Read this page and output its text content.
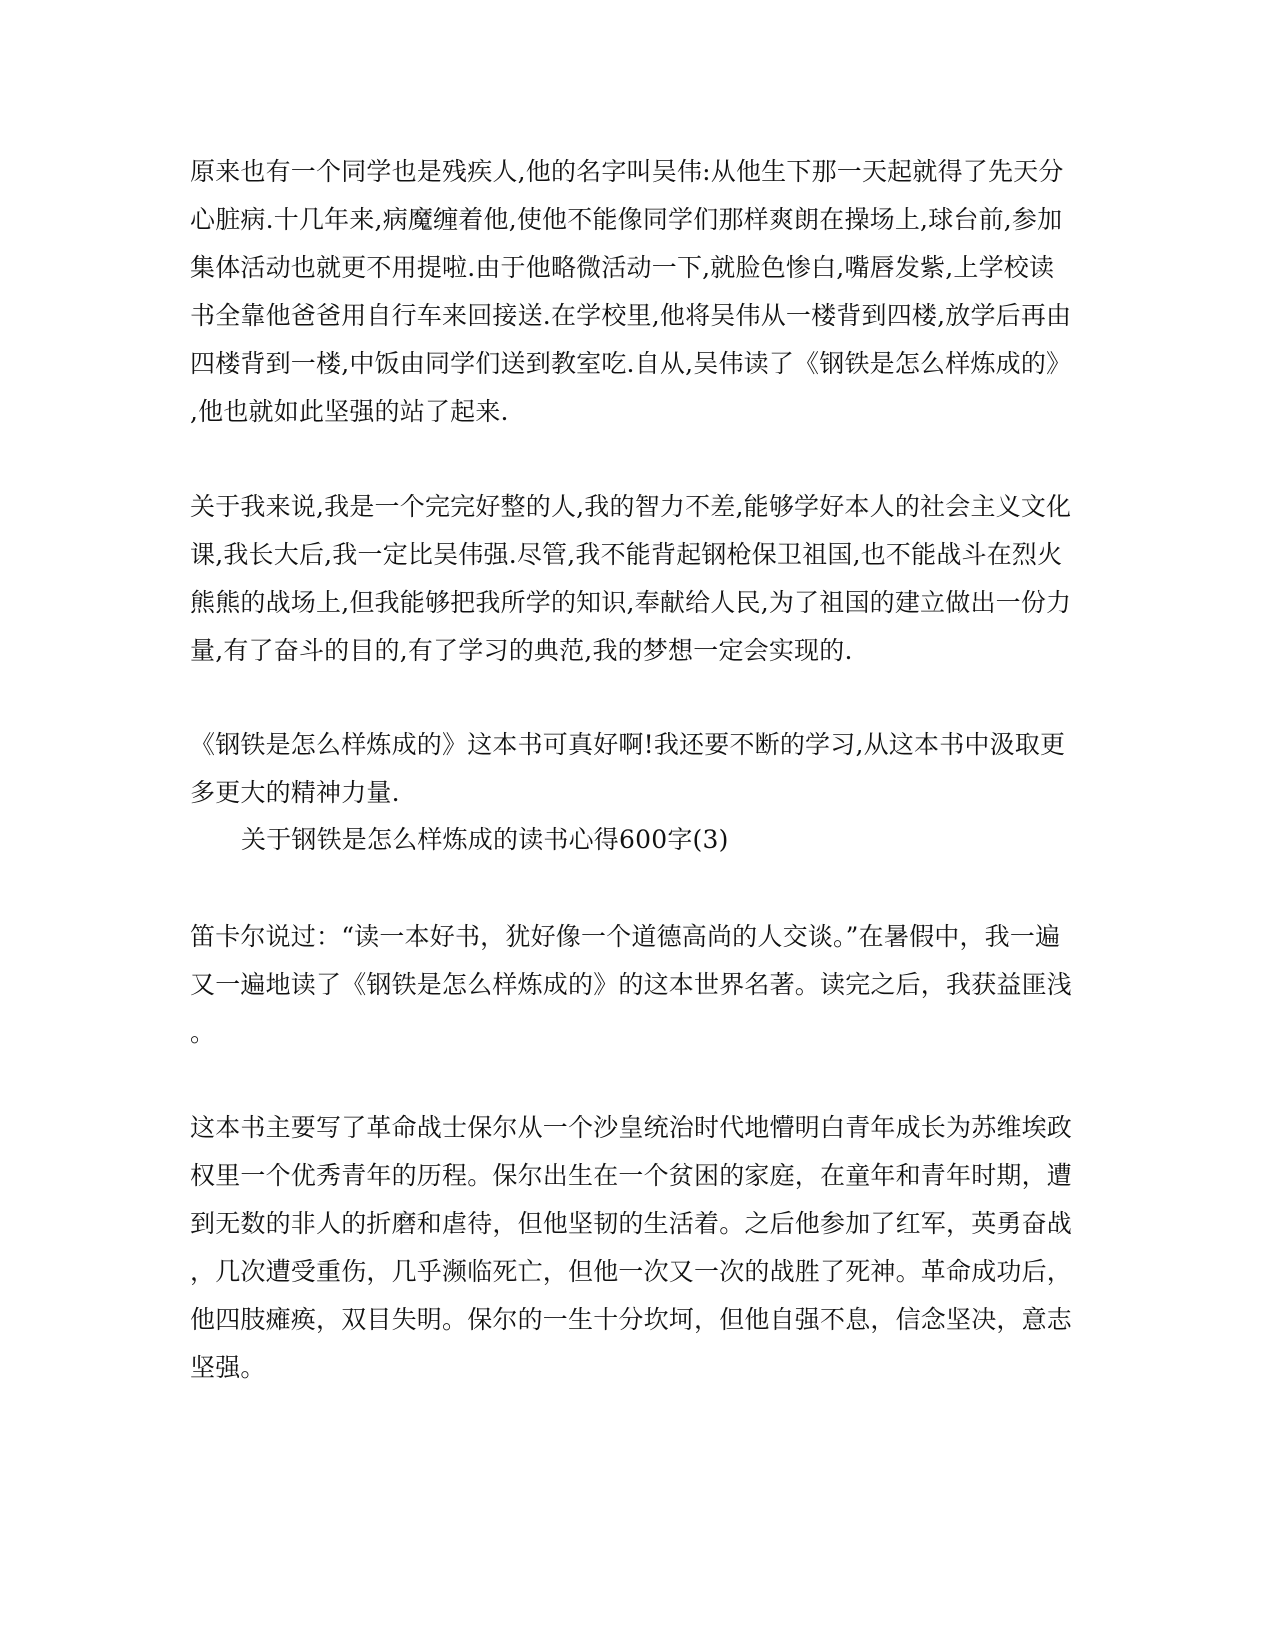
原来也有一个同学也是残疾人,他的名字叫吴伟:从他生下那一天起就得了先天分
心脏病.十几年来,病魔缠着他,使他不能像同学们那样爽朗在操场上,球台前,参加
集体活动也就更不用提啦.由于他略微活动一下,就脸色惨白,嘴唇发紫,上学校读
书全靠他爸爸用自行车来回接送.在学校里,他将吴伟从一楼背到四楼,放学后再由
四楼背到一楼,中饭由同学们送到教室吃.自从,吴伟读了《钢铁是怎么样炼成的》
,他也就如此坚强的站了起来.
关于我来说,我是一个完完好整的人,我的智力不差,能够学好本人的社会主义文化
课,我长大后,我一定比吴伟强.尽管,我不能背起钢枪保卫祖国,也不能战斗在烈火
熊熊的战场上,但我能够把我所学的知识,奉献给人民,为了祖国的建立做出一份力
量,有了奋斗的目的,有了学习的典范,我的梦想一定会实现的.
《钢铁是怎么样炼成的》这本书可真好啊!我还要不断的学习,从这本书中汲取更
多更大的精神力量.
关于钢铁是怎么样炼成的读书心得600字(3)
笛卡尔说过：“读一本好书，犹好像一个道德高尚的人交谈。”在暑假中，我一遍
又一遍地读了《钢铁是怎么样炼成的》的这本世界名著。读完之后，我获益匪浅
。
这本书主要写了革命战士保尔从一个沙皇统治时代地懵明白青年成长为苏维埃政
权里一个优秀青年的历程。保尔出生在一个贫困的家庭，在童年和青年时期，遭
到无数的非人的折磨和虐待，但他坚韧的生活着。之后他参加了红军，英勇奋战
，几次遭受重伤，几乎濒临死亡，但他一次又一次的战胜了死神。革命成功后，
他四肢瘫痪，双目失明。保尔的一生十分坎坷，但他自强不息，信念坚决，意志
坚强。
